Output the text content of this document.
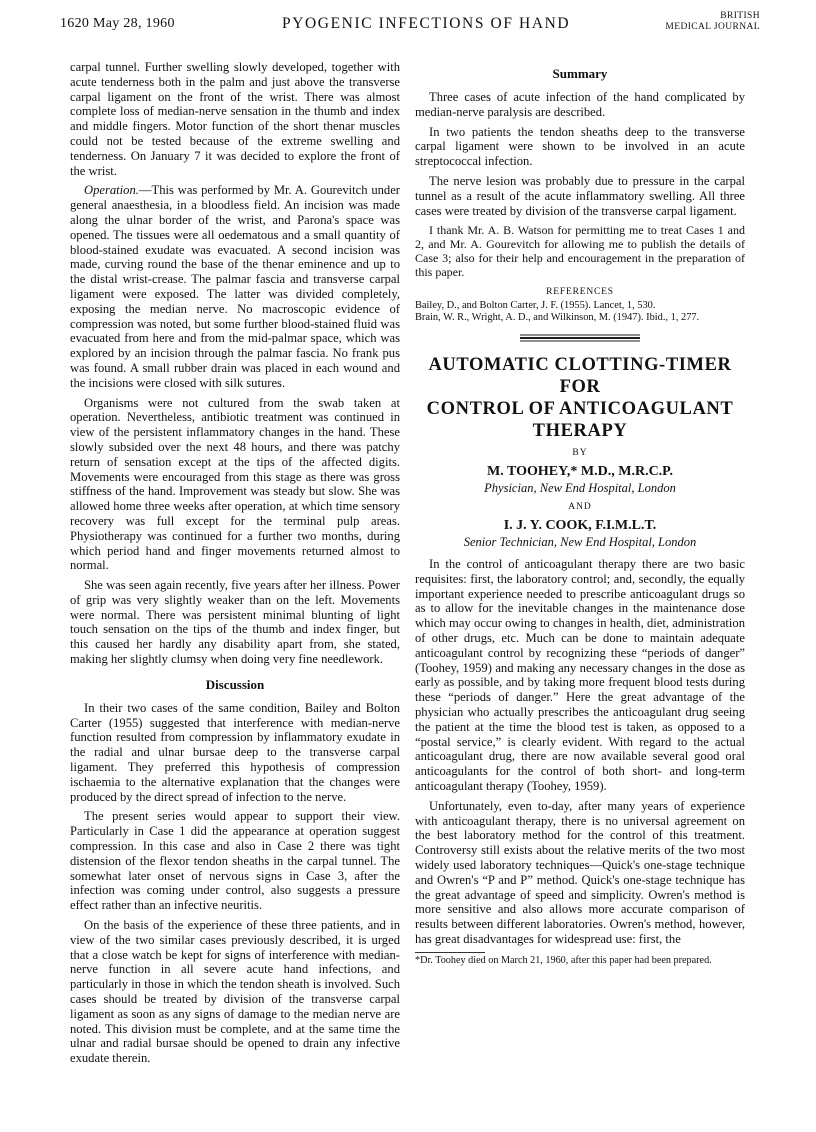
1620 May 28, 1960	PYOGENIC INFECTIONS OF HAND	BRITISH
MEDICAL JOURNAL

carpal tunnel. Further swelling slowly developed, together with acute tenderness both in the palm and just above the transverse carpal ligament on the front of the wrist. There was almost complete loss of median-nerve sensation in the thumb and index and middle fingers. Motor function of the short thenar muscles could not be tested because of the extreme swelling and tenderness. On January 7 it was decided to explore the front of the wrist.

Operation.—This was performed by Mr. A. Gourevitch under general anaesthesia, in a bloodless field. An incision was made along the ulnar border of the wrist, and Parona's space was opened. The tissues were all oedematous and a small quantity of blood-stained exudate was evacuated. A second incision was made, curving round the base of the thenar eminence and up to the distal wrist-crease. The palmar fascia and transverse carpal ligament were exposed. The latter was divided completely, exposing the median nerve. No macroscopic evidence of compression was noted, but some further blood-stained fluid was evacuated from here and from the mid-palmar space, which was explored by an incision through the palmar fascia. No frank pus was found. A small rubber drain was placed in each wound and the incisions were closed with silk sutures.

Organisms were not cultured from the swab taken at operation. Nevertheless, antibiotic treatment was continued in view of the persistent inflammatory changes in the hand. These slowly subsided over the next 48 hours, and there was patchy return of sensation except at the tips of the affected digits. Movements were encouraged from this stage as there was gross stiffness of the hand. Improvement was steady but slow. She was allowed home three weeks after operation, at which time sensory recovery was full except for the terminal pulp areas. Physiotherapy was continued for a further two months, during which period hand and finger movements returned almost to normal.

She was seen again recently, five years after her illness. Power of grip was very slightly weaker than on the left. Movements were normal. There was persistent minimal blunting of light touch sensation on the tips of the thumb and index finger, but this caused her hardly any disability apart from, she stated, making her slightly clumsy when doing very fine needlework.

Discussion

In their two cases of the same condition, Bailey and Bolton Carter (1955) suggested that interference with median-nerve function resulted from compression by inflammatory exudate in the radial and ulnar bursae deep to the transverse carpal ligament. They preferred this hypothesis of compression ischaemia to the alternative explanation that the changes were produced by the direct spread of infection to the nerve.

The present series would appear to support their view. Particularly in Case 1 did the appearance at operation suggest compression. In this case and also in Case 2 there was tight distension of the flexor tendon sheaths in the carpal tunnel. The somewhat later onset of nervous signs in Case 3, after the infection was coming under control, also suggests a pressure effect rather than an infective neuritis.

On the basis of the experience of these three patients, and in view of the two similar cases previously described, it is urged that a close watch be kept for signs of interference with median-nerve function in all severe acute hand infections, and particularly in those in which the tendon sheath is involved. Such cases should be treated by division of the transverse carpal ligament as soon as any signs of damage to the median nerve are noted. This division must be complete, and at the same time the ulnar and radial bursae should be opened to drain any infective exudate therein.

Summary

Three cases of acute infection of the hand complicated by median-nerve paralysis are described.

In two patients the tendon sheaths deep to the transverse carpal ligament were shown to be involved in an acute streptococcal infection.

The nerve lesion was probably due to pressure in the carpal tunnel as a result of the acute inflammatory swelling. All three cases were treated by division of the transverse carpal ligament.

I thank Mr. A. B. Watson for permitting me to treat Cases 1 and 2, and Mr. A. Gourevitch for allowing me to publish the details of Case 3; also for their help and encouragement in the preparation of this paper.

REFERENCES

Bailey, D., and Bolton Carter, J. F. (1955). Lancet, 1, 530.

Brain, W. R., Wright, A. D., and Wilkinson, M. (1947). Ibid., 1, 277.

AUTOMATIC CLOTTING-TIMER FOR
CONTROL OF ANTICOAGULANT
THERAPY
BY

M. TOOHEY,* M.D., M.R.C.P.

Physician, New End Hospital, London

AND

I. J. Y. COOK, F.I.M.L.T.

Senior Technician, New End Hospital, London

In the control of anticoagulant therapy there are two basic requisites: first, the laboratory control; and, secondly, the equally important experience needed to prescribe anticoagulant drugs so as to allow for the inevitable changes in the maintenance dose which may occur owing to changes in health, diet, administration of other drugs, etc. Much can be done to maintain adequate anticoagulant control by recognizing these “periods of danger” (Toohey, 1959) and making any necessary changes in the dose as early as possible, and by taking more frequent blood tests during these “periods of danger.” Here the great advantage of the physician who actually prescribes the anticoagulant drug seeing the patient at the time the blood test is taken, as opposed to a “postal service,” is clearly evident. With regard to the actual anticoagulant drug, there are now available several good oral anticoagulants for the control of both short- and long-term anticoagulant therapy (Toohey, 1959).

Unfortunately, even to-day, after many years of experience with anticoagulant therapy, there is no universal agreement on the best laboratory method for the control of this treatment. Controversy still exists about the relative merits of the two most widely used laboratory techniques—Quick's one-stage technique and Owren's “P and P” method. Quick's one-stage technique has the great advantage of speed and simplicity. Owren's method is more sensitive and also allows more accurate comparison of results between different laboratories. Owren's method, however, has great disadvantages for widespread use: first, the

*Dr. Toohey died on March 21, 1960, after this paper had been prepared.
